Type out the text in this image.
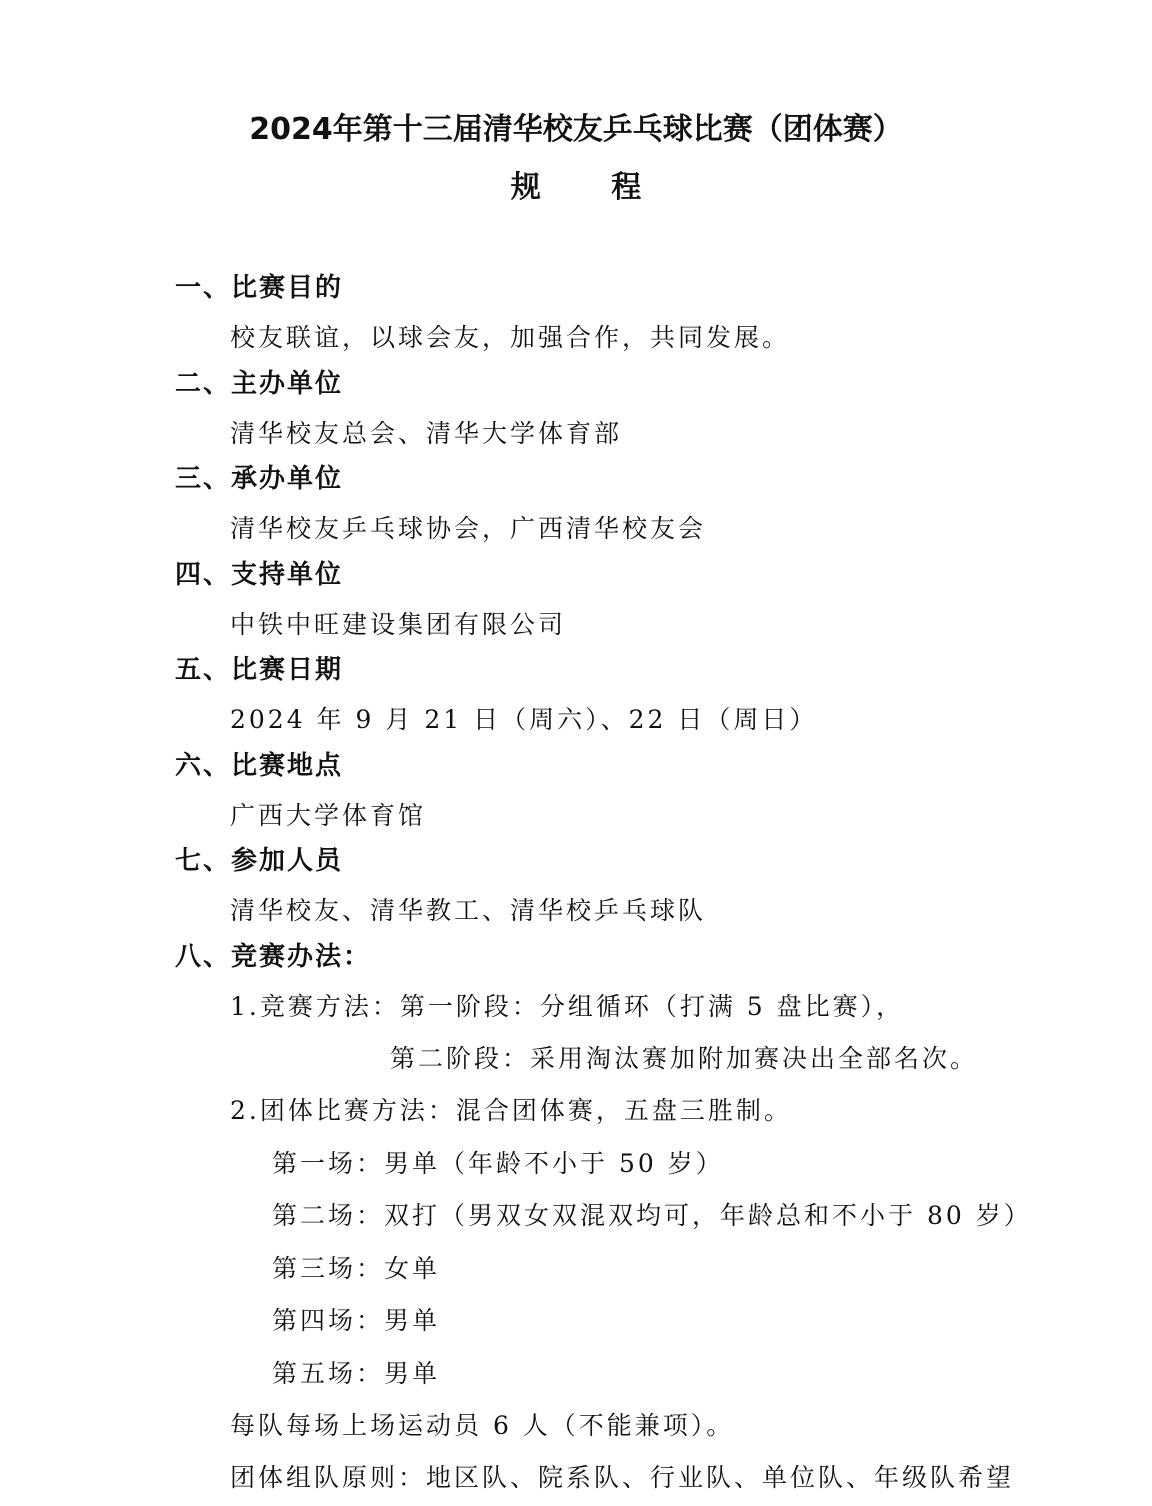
2024年第十三届清华校友乒乓球比赛（团体赛）
规 程
一、比赛目的
校友联谊，以球会友，加强合作，共同发展。
二、主办单位
清华校友总会、清华大学体育部
三、承办单位
清华校友乒乓球协会，广西清华校友会
四、支持单位
中铁中旺建设集团有限公司
五、比赛日期
2024 年 9 月 21 日（周六）、22 日（周日）
六、比赛地点
广西大学体育馆
七、参加人员
清华校友、清华教工、清华校乒乓球队
八、竞赛办法：
1.竞赛方法：第一阶段：分组循环（打满 5 盘比赛），
第二阶段：采用淘汰赛加附加赛决出全部名次。
2.团体比赛方法：混合团体赛，五盘三胜制。
第一场：男单（年龄不小于 50 岁）
第二场：双打（男双女双混双均可，年龄总和不小于 80 岁）
第三场：女单
第四场：男单
第五场：男单
每队每场上场运动员 6 人（不能兼项）。
团体组队原则：地区队、院系队、行业队、单位队、年级队希望
